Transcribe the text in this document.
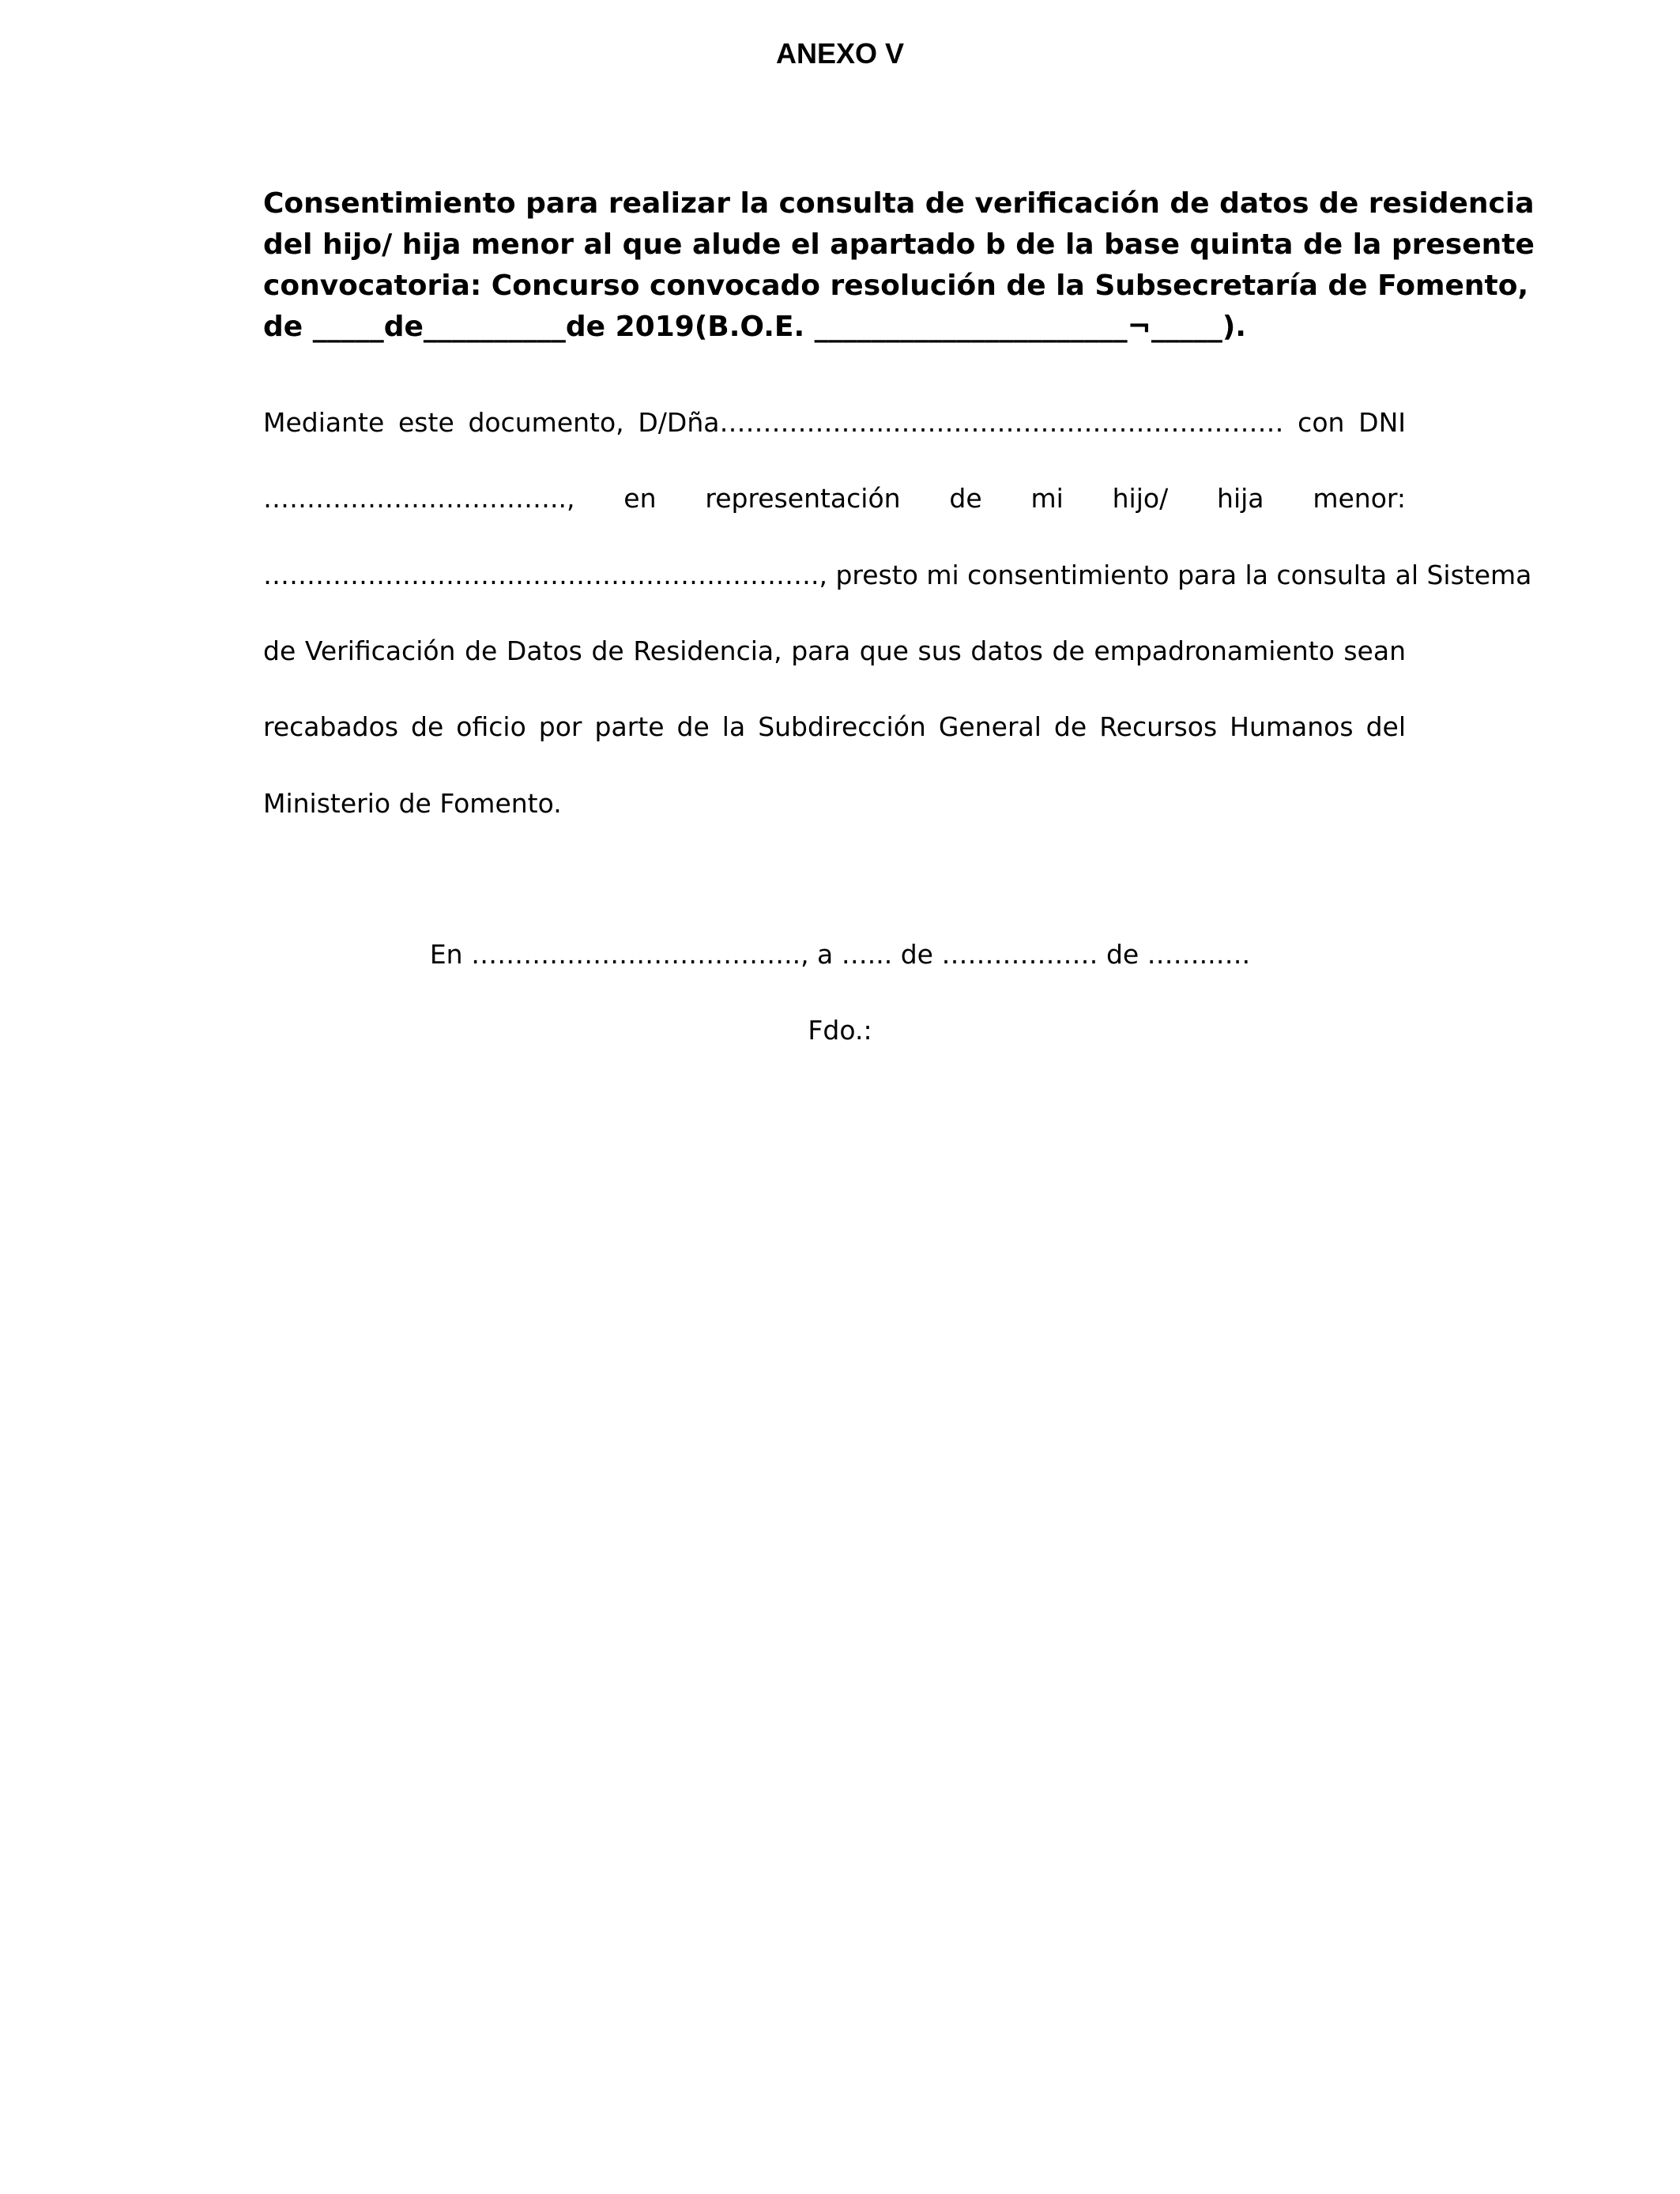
ANEXO V
Consentimiento para realizar la consulta de verificación de datos de residencia
del hijo/ hija menor al que alude el apartado b de la base quinta de la presente
convocatoria: Concurso convocado resolución de la Subsecretaría de Fomento,
de _____de__________de 2019(B.O.E. ______________________¬_____).
Mediante este documento, D/Dña………………..……………………………………… con DNI
…………………………….., en representación de mi hijo/ hija menor:
………………………………………………………., presto mi consentimiento para la consulta al Sistema
de Verificación de Datos de Residencia, para que sus datos de empadronamiento sean
recabados de oficio por parte de la Subdirección General de Recursos Humanos del
Ministerio de Fomento.
En ……………………………….., a …... de ……………… de ……..….
Fdo.:
